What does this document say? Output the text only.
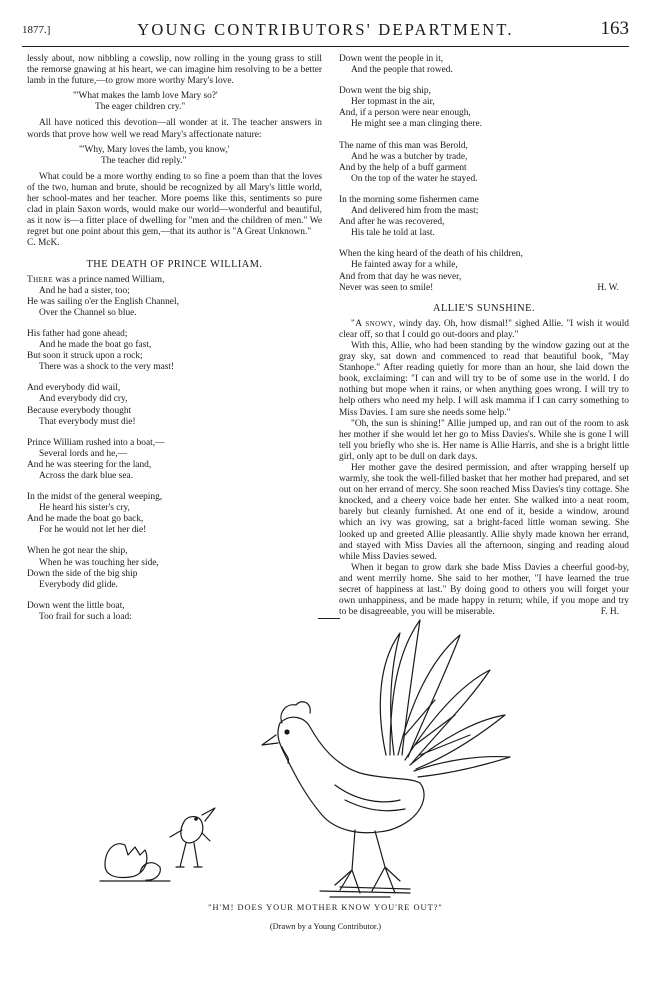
1877.]	YOUNG CONTRIBUTORS' DEPARTMENT.	163

lessly about, now nibbling a cowslip, now rolling in the young grass to still the remorse gnawing at his heart, we can imagine him resolving to be a better lamb in the future,—to grow more worthy Mary's love.

"'What makes the lamb love Mary so?'
The eager children cry."

All have noticed this devotion—all wonder at it. The teacher answers in words that prove how well we read Mary's affectionate nature:

"'Why, Mary loves the lamb, you know,'
The teacher did reply."

What could be a more worthy ending to so fine a poem than that the loves of the two, human and brute, should be recognized by all Mary's little world, her school-mates and her teacher. More poems like this, sentiments so pure clad in plain Saxon words, would make our world—wonderful and beautiful, as it now is—a fitter place of dwelling for "men and the children of men." We regret but one point about this gem,—that its author is "A Great Unknown."

C. McK.

THE DEATH OF PRINCE WILLIAM.

There was a prince named William,
And he had a sister, too;
He was sailing o'er the English Channel,
Over the Channel so blue.
His father had gone ahead;
And he made the boat go fast,
But soon it struck upon a rock;
There was a shock to the very mast!
And everybody did wail,
And everybody did cry,
Because everybody thought
That everybody must die!
Prince William rushed into a boat,—
Several lords and he,—
And he was steering for the land,
Across the dark blue sea.
In the midst of the general weeping,
He heard his sister's cry,
And he made the boat go back,
For he would not let her die!
When he got near the ship,
When he was touching her side,
Down the side of the big ship
Everybody did glide.
Down went the little boat,
Too frail for such a load:
Down went the people in it,
And the people that rowed.
Down went the big ship,
Her topmast in the air,
And, if a person were near enough,
He might see a man clinging there.
The name of this man was Berold,
And he was a butcher by trade,
And by the help of a buff garment
On the top of the water he stayed.
In the morning some fishermen came
And delivered him from the mast;
And after he was recovered,
His tale he told at last.
When the king heard of the death of his children,
He fainted away for a while,
And from that day he was never,
Never was seen to smile!	H. W.

ALLIE'S SUNSHINE.

"A snowy, windy day. Oh, how dismal!" sighed Allie. "I wish it would clear off, so that I could go out-doors and play."

With this, Allie, who had been standing by the window gazing out at the gray sky, sat down and commenced to read that beautiful book, "May Stanhope." After reading quietly for more than an hour, she laid down the book, exclaiming: "I can and will try to be of some use in the world. I do nothing but mope when it rains, or when anything goes wrong. I will try to help others who need my help. I will ask mamma if I can carry something to Miss Davies. I am sure she needs some help."

"Oh, the sun is shining!" Allie jumped up, and ran out of the room to ask her mother if she would let her go to Miss Davies's. While she is gone I will tell you briefly who she is. Her name is Allie Harris, and she is a bright little girl, only apt to be dull on dark days.

Her mother gave the desired permission, and after wrapping herself up warmly, she took the well-filled basket that her mother had prepared, and set out on her errand of mercy. She soon reached Miss Davies's tiny cottage. She knocked, and a cheery voice bade her enter. She walked into a neat room, barely but cleanly furnished. At one end of it, beside a window, around which an ivy was growing, sat a bright-faced little woman sewing. She looked up and greeted Allie pleasantly. Allie shyly made known her errand, and stayed with Miss Davies all the afternoon, singing and reading aloud while Miss Davies sewed.

When it began to grow dark she bade Miss Davies a cheerful good-by, and went merrily home. She said to her mother, "I have learned the true secret of happiness at last." By doing good to others you will forget your own unhappiness, and be made happy in return; while, if you mope and try to be disagreeable, you will be miserable.	F. H.

"H'M! DOES YOUR MOTHER KNOW YOU'RE OUT?"
(Drawn by a Young Contributor.)
